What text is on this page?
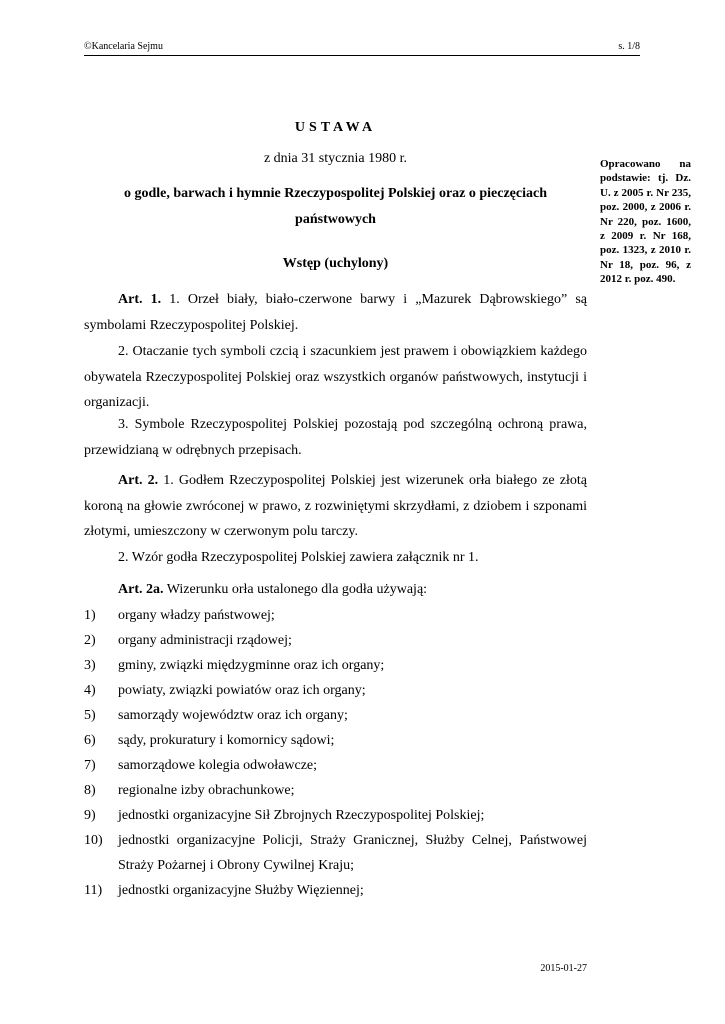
©Kancelaria Sejmu	s. 1/8
USTAWA
z dnia 31 stycznia 1980 r.
o godle, barwach i hymnie Rzeczypospolitej Polskiej oraz o pieczęciach państwowych
Opracowano na podstawie: tj. Dz. U. z 2005 r. Nr 235, poz. 2000, z 2006 r. Nr 220, poz. 1600, z 2009 r. Nr 168, poz. 1323, z 2010 r. Nr 18, poz. 96, z 2012 r. poz. 490.
Wstęp (uchylony)
Art. 1. 1. Orzeł biały, biało-czerwone barwy i „Mazurek Dąbrowskiego” są symbolami Rzeczypospolitej Polskiej.
2. Otaczanie tych symboli czcią i szacunkiem jest prawem i obowiązkiem każdego obywatela Rzeczypospolitej Polskiej oraz wszystkich organów państwowych, instytucji i organizacji.
3. Symbole Rzeczypospolitej Polskiej pozostają pod szczególną ochroną prawa, przewidzianą w odrębnych przepisach.
Art. 2. 1. Godłem Rzeczypospolitej Polskiej jest wizerunek orła białego ze złotą koroną na głowie zwróconej w prawo, z rozwiniętymi skrzydłami, z dziobem i szponami złotymi, umieszczony w czerwonym polu tarczy.
2. Wzór godła Rzeczypospolitej Polskiej zawiera załącznik nr 1.
Art. 2a. Wizerunku orła ustalonego dla godła używają:
1) organy władzy państwowej;
2) organy administracji rządowej;
3) gminy, związki międzygminne oraz ich organy;
4) powiaty, związki powiatów oraz ich organy;
5) samorządy województw oraz ich organy;
6) sądy, prokuratury i komornicy sądowi;
7) samorządowe kolegia odwoławcze;
8) regionalne izby obrachunkowe;
9) jednostki organizacyjne Sił Zbrojnych Rzeczypospolitej Polskiej;
10) jednostki organizacyjne Policji, Straży Granicznej, Służby Celnej, Państwowej Straży Pożarnej i Obrony Cywilnej Kraju;
11) jednostki organizacyjne Służby Więziennej;
2015-01-27
